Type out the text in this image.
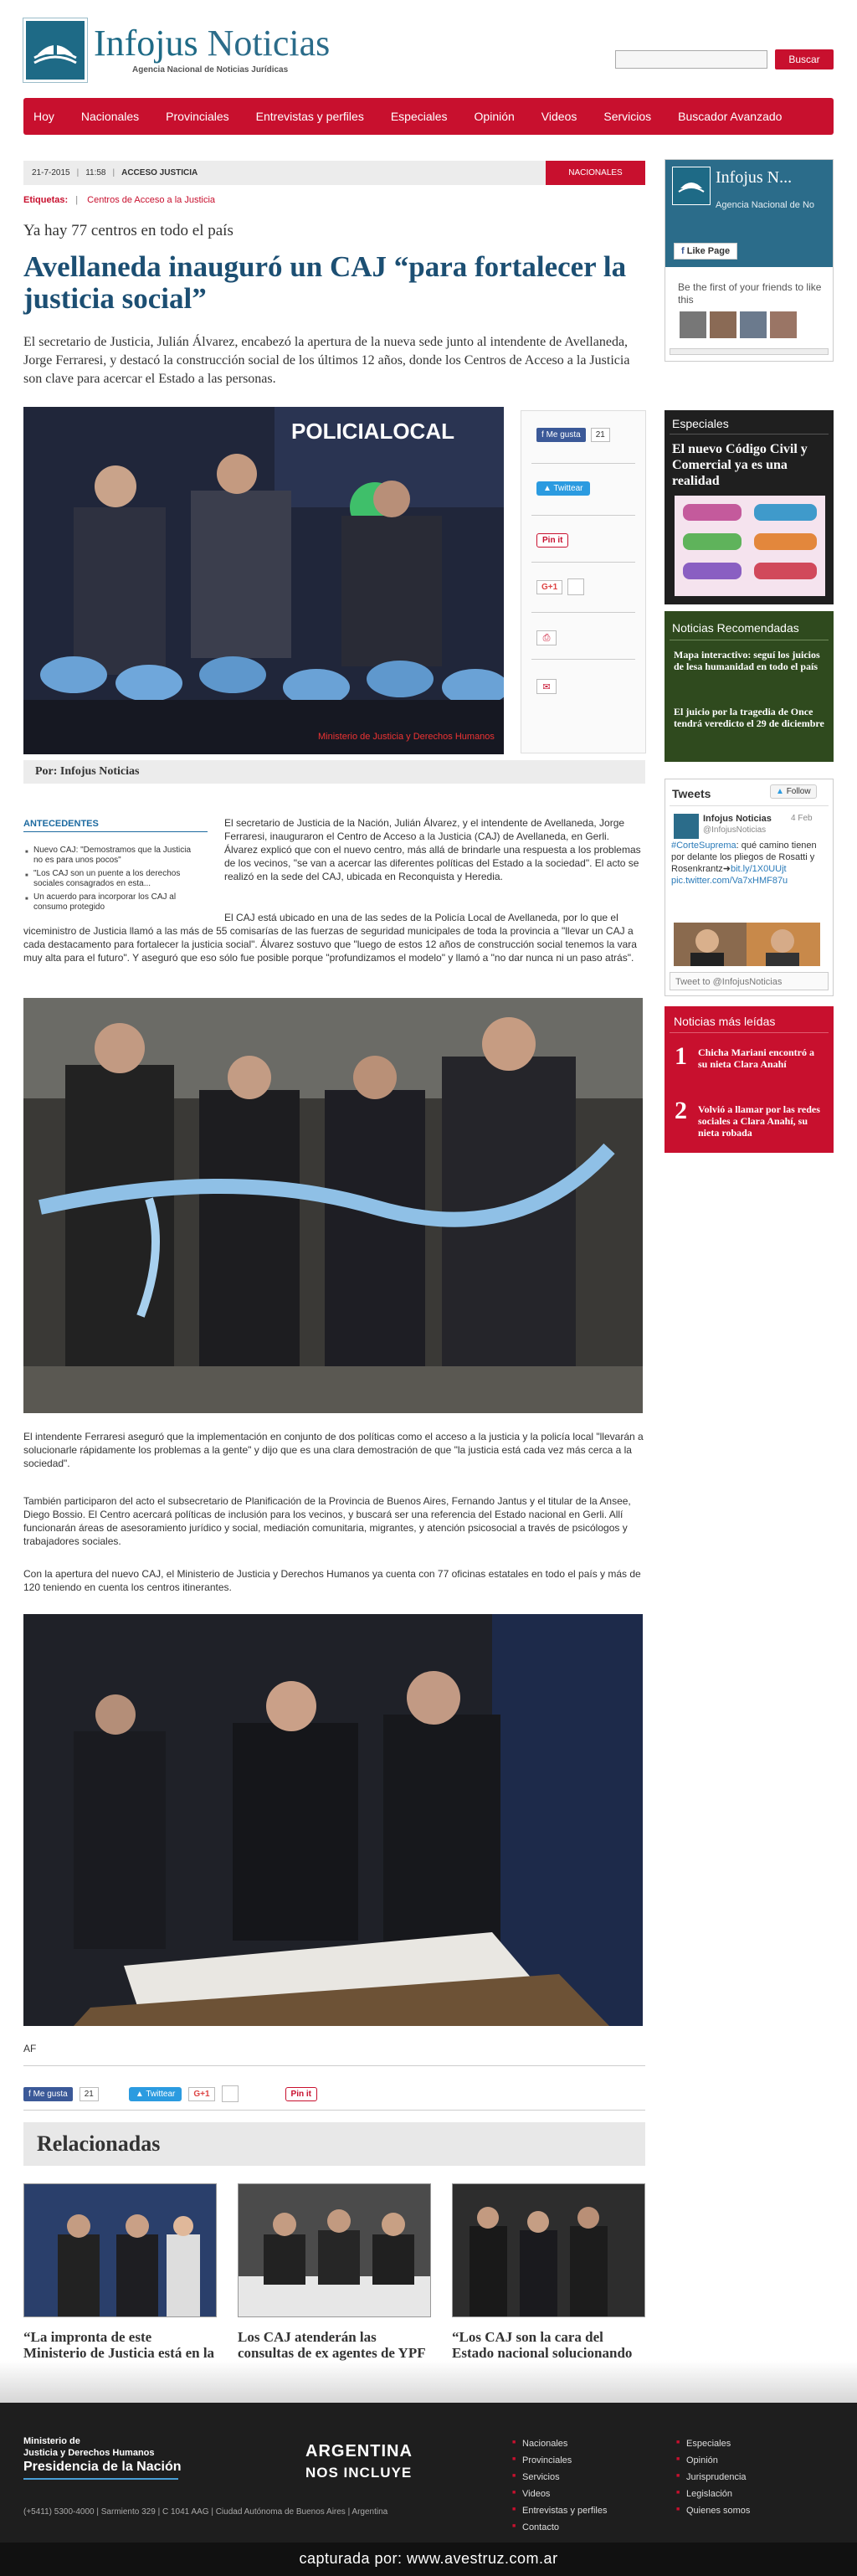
Infojus Noticias
Agencia Nacional de Noticias Jurídicas
Buscar
Hoy Nacionales Provinciales Entrevistas y perfiles Especiales Opinión Videos Servicios Buscador Avanzado
21-7-2015 | 11:58 | ACCESO JUSTICIA	NACIONALES
Etiquetas: | Centros de Acceso a la Justicia
Ya hay 77 centros en todo el país
Avellaneda inauguró un CAJ “para fortalecer la justicia social”
El secretario de Justicia, Julián Álvarez, encabezó la apertura de la nueva sede junto al intendente de Avellaneda, Jorge Ferraresi, y destacó la construcción social de los últimos 12 años, donde los Centros de Acceso a la Justicia son clave para acercar el Estado a las personas.
POLICIALOCAL
Ministerio de Justicia y Derechos Humanos
f Me gusta	21
▲ Twittear
Pin it
G+1
⎙
✉
Por: Infojus Noticias
ANTECEDENTES
■ Nuevo CAJ: "Demostramos que la Justicia no es para unos pocos"
■ "Los CAJ son un puente a los derechos sociales consagrados en esta...
■ Un acuerdo para incorporar los CAJ al consumo protegido
El secretario de Justicia de la Nación, Julián Álvarez, y el intendente de Avellaneda, Jorge Ferraresi, inauguraron el Centro de Acceso a la Justicia (CAJ) de Avellaneda, en Gerli. Álvarez explicó que con el nuevo centro, más allá de brindarle una respuesta a los problemas de los vecinos, "se van a acercar las diferentes políticas del Estado a la sociedad". El acto se realizó en la sede del CAJ, ubicada en Reconquista y Heredia.
El CAJ está ubicado en una de las sedes de la Policía Local de Avellaneda, por lo que el viceministro de Justicia llamó a las más de 55 comisarías de las fuerzas de seguridad municipales de toda la provincia a "llevar un CAJ a cada destacamento para fortalecer la justicia social". Álvarez sostuvo que "luego de estos 12 años de construcción social tenemos la vara muy alta para el futuro". Y aseguró que eso sólo fue posible porque "profundizamos el modelo" y llamó a "no dar nunca ni un paso atrás".
El intendente Ferraresi aseguró que la implementación en conjunto de dos políticas como el acceso a la justicia y la policía local "llevarán a solucionarle rápidamente los problemas a la gente" y dijo que es una clara demostración de que "la justicia está cada vez más cerca a la sociedad".
También participaron del acto el subsecretario de Planificación de la Provincia de Buenos Aires, Fernando Jantus y el titular de la Ansee, Diego Bossio. El Centro acercará políticas de inclusión para los vecinos, y buscará ser una referencia del Estado nacional en Gerli. Allí funcionarán áreas de asesoramiento jurídico y social, mediación comunitaria, migrantes, y atención psicosocial a través de psicólogos y trabajadores sociales.
Con la apertura del nuevo CAJ, el Ministerio de Justicia y Derechos Humanos ya cuenta con 77 oficinas estatales en todo el país y más de 120 teniendo en cuenta los centros itinerantes.
AF
f Me gusta	21	▲ Twittear	G+1	Pin it
Relacionadas
“La impronta de este Ministerio de Justicia está en la
Los CAJ atenderán las consultas de ex agentes de YPF
“Los CAJ son la cara del Estado nacional solucionando
Infojus N...
Agencia Nacional de No
f Like Page
Be the first of your friends to like this
Especiales
El nuevo Código Civil y Comercial ya es una realidad
Noticias Recomendadas
Mapa interactivo: seguí los juicios de lesa humanidad en todo el país
El juicio por la tragedia de Once tendrá veredicto el 29 de diciembre
Tweets	▲ Follow
Infojus Noticias 4 Feb
@InfojusNoticias
#CorteSuprema: qué camino tienen por delante los pliegos de Rosatti y Rosenkrantz➜bit.ly/1X0UUjt pic.twitter.com/Va7xHMF87u
Tweet to @InfojusNoticias
Noticias más leídas
1 Chicha Mariani encontró a su nieta Clara Anahí
2 Volvió a llamar por las redes sociales a Clara Anahí, su nieta robada
Ministerio de
Justicia y Derechos Humanos
Presidencia de la Nación
ARGENTINA
NOS INCLUYE
(+5411) 5300-4000 | Sarmiento 329 | C 1041 AAG | Ciudad Autónoma de Buenos Aires | Argentina
■ Nacionales
■ Provinciales
■ Servicios
■ Videos
■ Entrevistas y perfiles
■ Contacto
■ Especiales
■ Opinión
■ Jurisprudencia
■ Legislación
■ Quienes somos
capturada por: www.avestruz.com.ar
